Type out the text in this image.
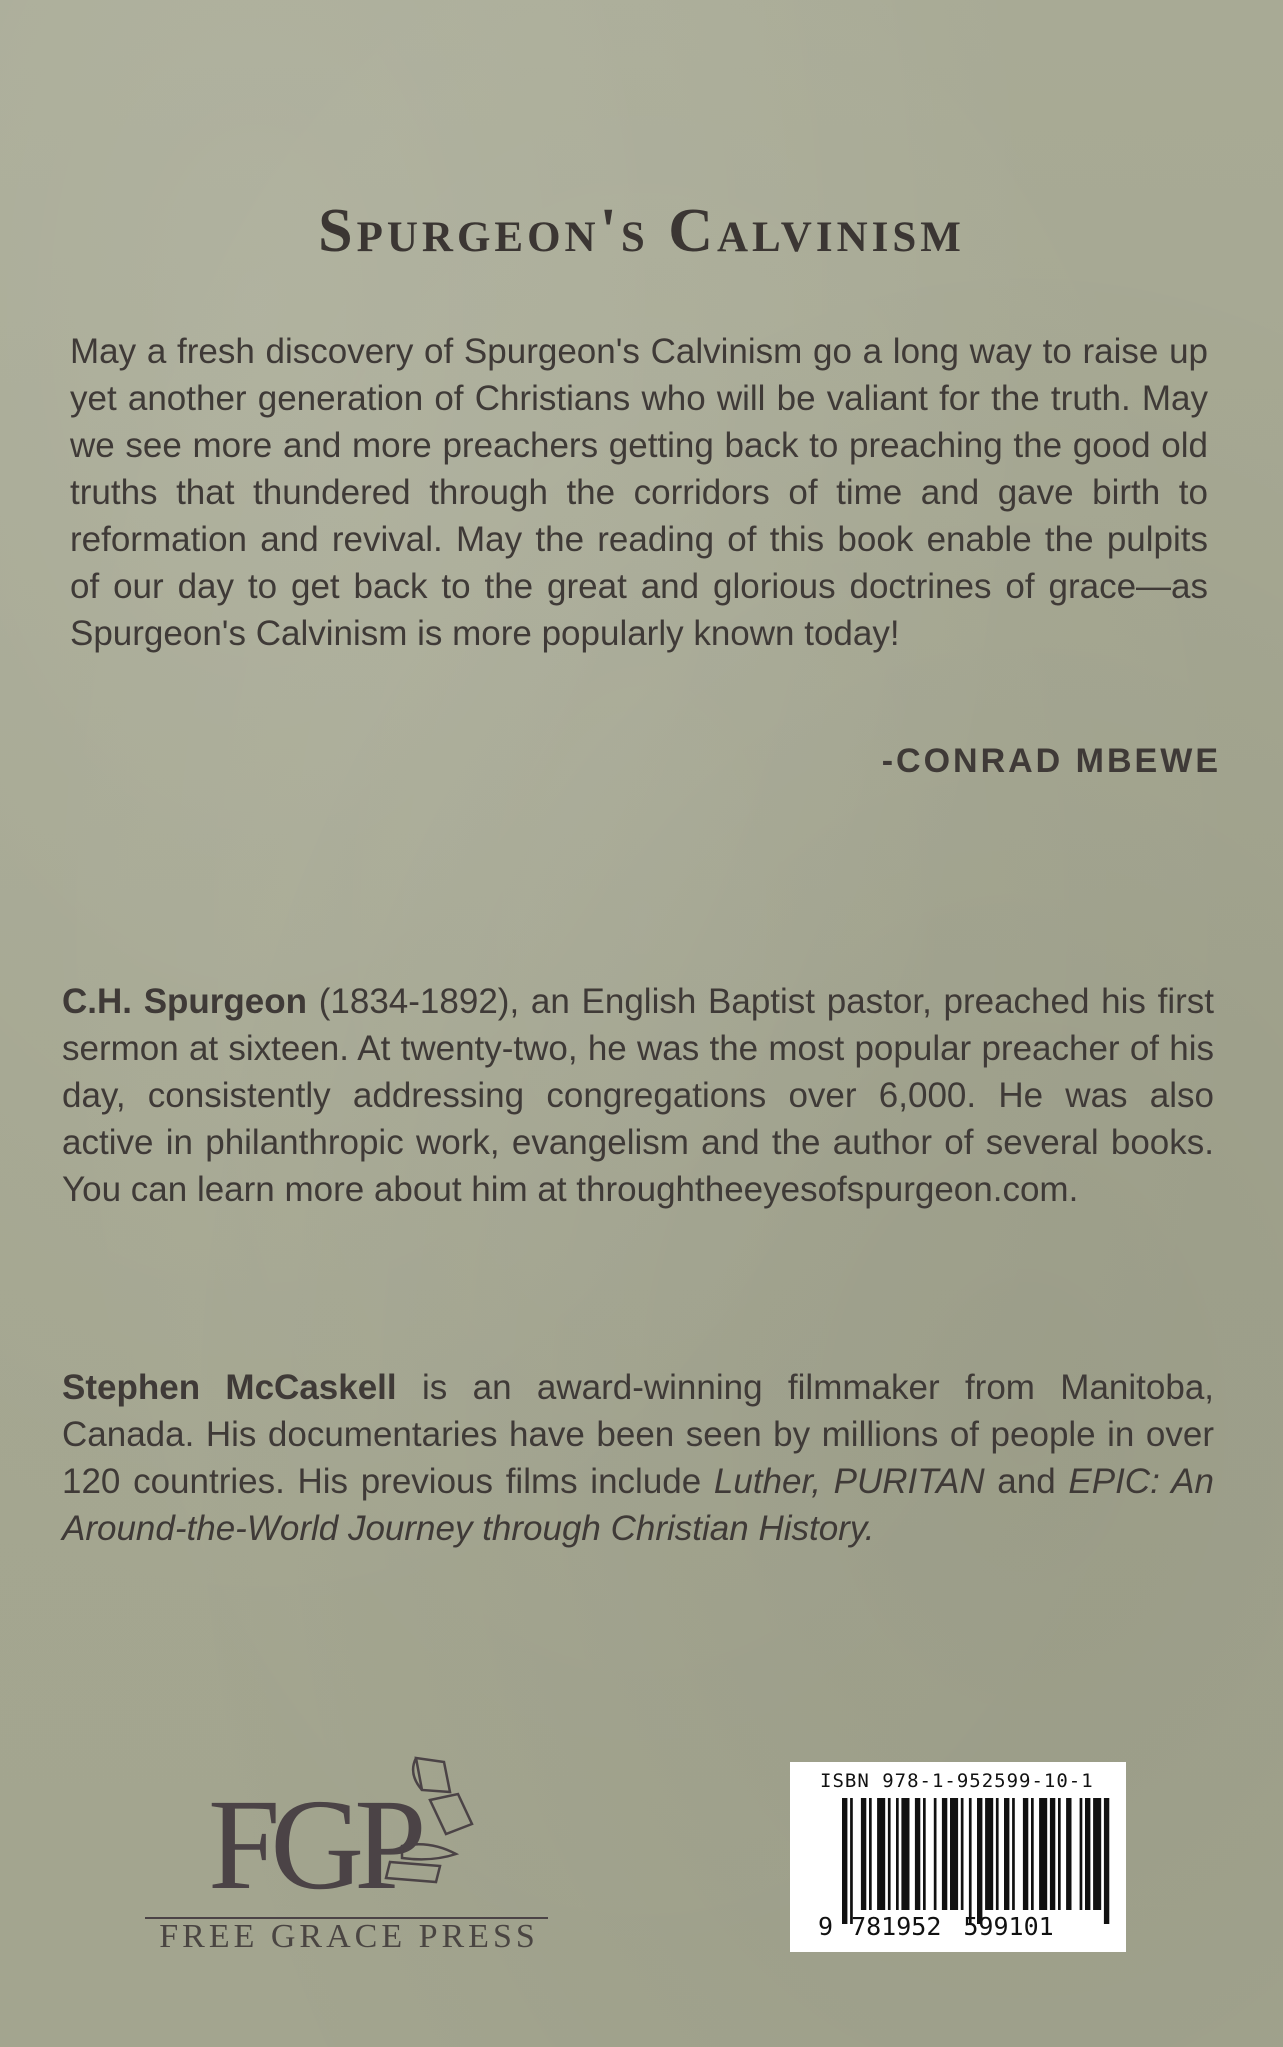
Spurgeon's Calvinism

May a fresh discovery of Spurgeon's Calvinism go a long way to raise up yet another generation of Christians who will be valiant for the truth. May we see more and more preachers getting back to preaching the good old truths that thundered through the corridors of time and gave birth to reformation and revival. May the reading of this book enable the pulpits of our day to get back to the great and glorious doctrines of grace—as Spurgeon's Calvinism is more popularly known today!

-CONRAD MBEWE

C.H. Spurgeon (1834-1892), an English Baptist pastor, preached his first sermon at sixteen. At twenty-two, he was the most popular preacher of his day, consistently addressing congregations over 6,000. He was also active in philanthropic work, evangelism and the author of several books. You can learn more about him at throughtheeyesofspurgeon.com.

Stephen McCaskell is an award-winning filmmaker from Manitoba, Canada. His documentaries have been seen by millions of people in over 120 countries. His previous films include Luther, PURITAN and EPIC: An Around-the-World Journey through Christian History.

FGP
FREE GRACE PRESS
ISBN 978-1-952599-10-1
9 781952 599101
